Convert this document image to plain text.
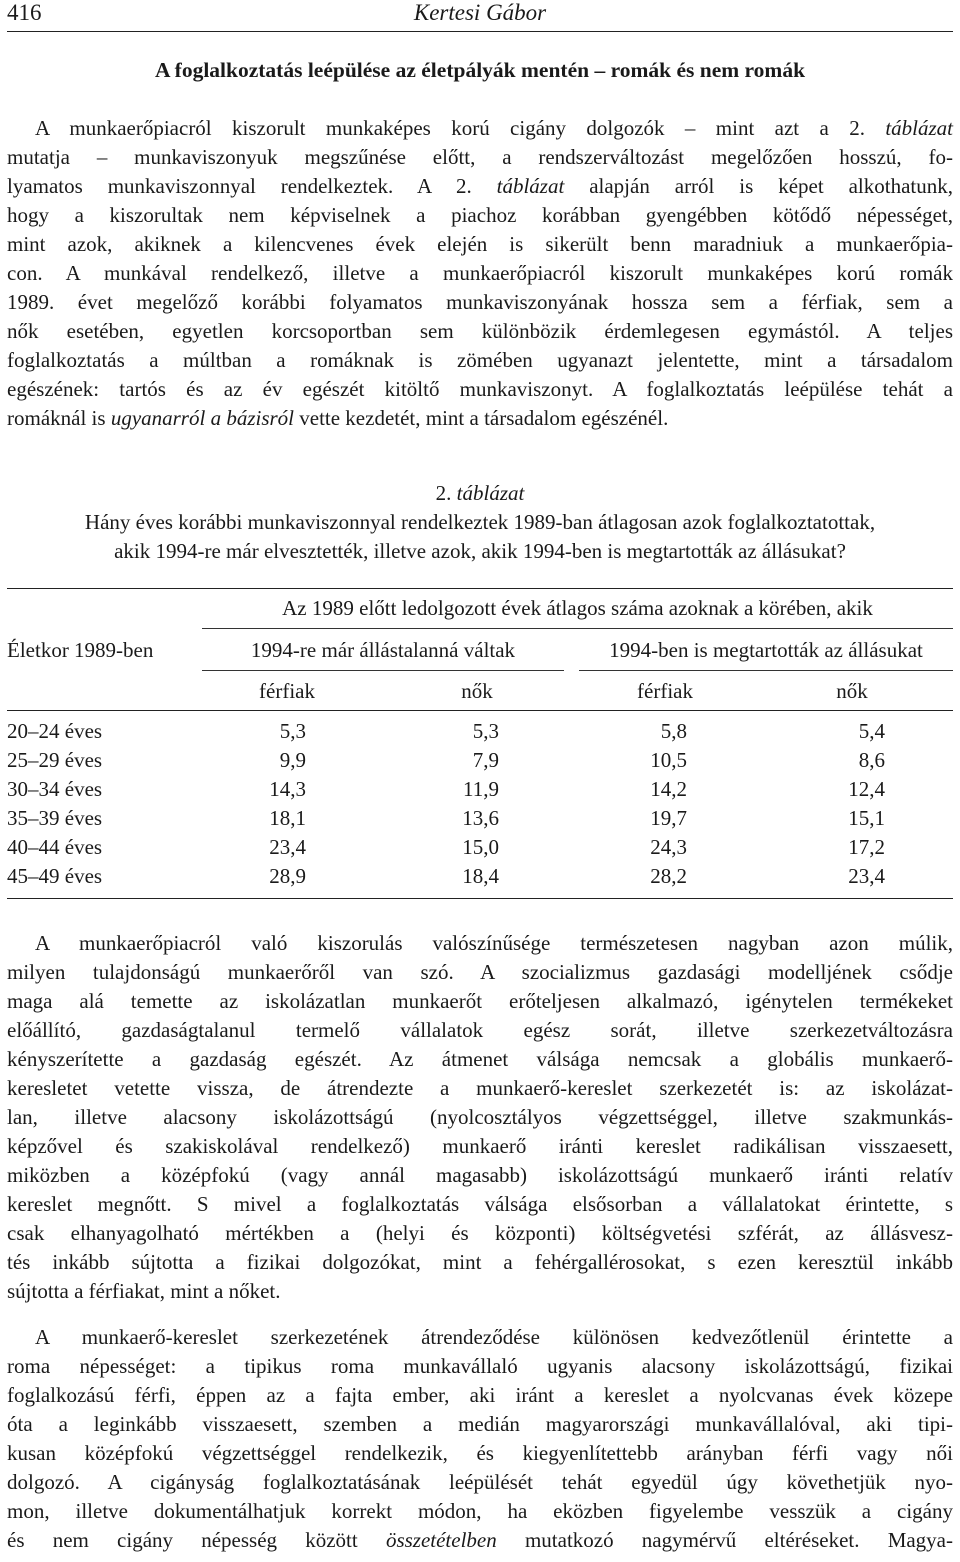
416	Kertesi Gábor
A foglalkoztatás leépülése az életpályák mentén – romák és nem romák
A munkaerőpiacról kiszorult munkaképes korú cigány dolgozók – mint azt a 2. táblázat
mutatja – munkaviszonyuk megszűnése előtt, a rendszerváltozást megelőzően hosszú, fo-
lyamatos munkaviszonnyal rendelkeztek. A 2. táblázat alapján arról is képet alkothatunk,
hogy a kiszorultak nem képviselnek a piachoz korábban gyengébben kötődő népességet,
mint azok, akiknek a kilencvenes évek elején is sikerült benn maradniuk a munkaerőpia-
con. A munkával rendelkező, illetve a munkaerőpiacról kiszorult munkaképes korú romák
1989. évet megelőző korábbi folyamatos munkaviszonyának hossza sem a férfiak, sem a
nők esetében, egyetlen korcsoportban sem különbözik érdemlegesen egymástól. A teljes
foglalkoztatás a múltban a romáknak is zömében ugyanazt jelentette, mint a társadalom
egészének: tartós és az év egészét kitöltő munkaviszonyt. A foglalkoztatás leépülése tehát a
romáknál is ugyanarról a bázisról vette kezdetét, mint a társadalom egészénél.
2. táblázat
Hány éves korábbi munkaviszonnyal rendelkeztek 1989-ban átlagosan azok foglalkoztatottak,
akik 1994-re már elvesztették, illetve azok, akik 1994-ben is megtartották az állásukat?
Az 1989 előtt ledolgozott évek átlagos száma azoknak a körében, akik
Életkor 1989-ben	1994-re már állástalanná váltak	1994-ben is megtartották az állásukat
férfiak	nők	férfiak	nők
20–24 éves	5,3	5,3	5,8	5,4
25–29 éves	9,9	7,9	10,5	8,6
30–34 éves	14,3	11,9	14,2	12,4
35–39 éves	18,1	13,6	19,7	15,1
40–44 éves	23,4	15,0	24,3	17,2
45–49 éves	28,9	18,4	28,2	23,4
A munkaerőpiacról való kiszorulás valószínűsége természetesen nagyban azon múlik,
milyen tulajdonságú munkaerőről van szó. A szocializmus gazdasági modelljének csődje
maga alá temette az iskolázatlan munkaerőt erőteljesen alkalmazó, igénytelen termékeket
előállító, gazdaságtalanul termelő vállalatok egész sorát, illetve szerkezetváltozásra
kényszerítette a gazdaság egészét. Az átmenet válsága nemcsak a globális munkaerő-
keresletet vetette vissza, de átrendezte a munkaerő-kereslet szerkezetét is: az iskolázat-
lan, illetve alacsony iskolázottságú (nyolcosztályos végzettséggel, illetve szakmunkás-
képzővel és szakiskolával rendelkező) munkaerő iránti kereslet radikálisan visszaesett,
miközben a középfokú (vagy annál magasabb) iskolázottságú munkaerő iránti relatív
kereslet megnőtt. S mivel a foglalkoztatás válsága elsősorban a vállalatokat érintette, s
csak elhanyagolható mértékben a (helyi és központi) költségvetési szférát, az állásvesz-
tés inkább sújtotta a fizikai dolgozókat, mint a fehérgallérosokat, s ezen keresztül inkább
sújtotta a férfiakat, mint a nőket.
A munkaerő-kereslet szerkezetének átrendeződése különösen kedvezőtlenül érintette a
roma népességet: a tipikus roma munkavállaló ugyanis alacsony iskolázottságú, fizikai
foglalkozású férfi, éppen az a fajta ember, aki iránt a kereslet a nyolcvanas évek közepe
óta a leginkább visszaesett, szemben a medián magyarországi munkavállalóval, aki tipi-
kusan középfokú végzettséggel rendelkezik, és kiegyenlítettebb arányban férfi vagy női
dolgozó. A cigányság foglalkoztatásának leépülését tehát egyedül úgy követhetjük nyo-
mon, illetve dokumentálhatjuk korrekt módon, ha eközben figyelembe vesszük a cigány
és nem cigány népesség között összetételben mutatkozó nagymérvű eltéréseket. Magya-
